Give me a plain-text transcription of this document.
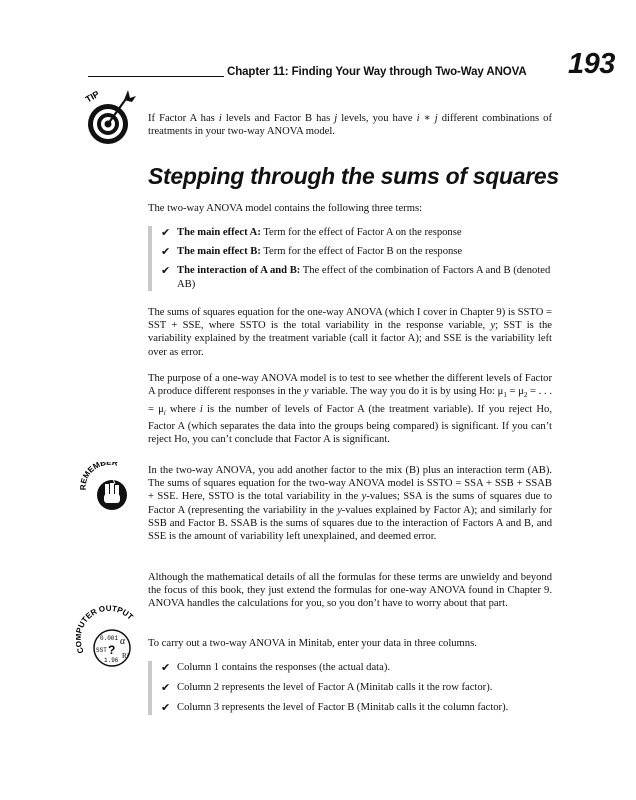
Chapter 11: Finding Your Way through Two-Way ANOVA 193
TIP
If Factor A has i levels and Factor B has j levels, you have i ∗ j different combinations of treatments in your two-way ANOVA model.
Stepping through the sums of squares
The two-way ANOVA model contains the following three terms:
✔ The main effect A: Term for the effect of Factor A on the response
✔ The main effect B: Term for the effect of Factor B on the response
✔ The interaction of A and B: The effect of the combination of Factors A and B (denoted AB)
The sums of squares equation for the one-way ANOVA (which I cover in Chapter 9) is SSTO = SST + SSE, where SSTO is the total variability in the response variable, y; SST is the variability explained by the treatment variable (call it factor A); and SSE is the variability left over as error.
The purpose of a one-way ANOVA model is to test to see whether the different levels of Factor A produce different responses in the y variable. The way you do it is by using Ho: $\mu_1 = \mu_2$ = . . . = $\mu_i$ where i is the number of levels of Factor A (the treatment variable). If you reject Ho, Factor A (which separates the data into the groups being compared) is significant. If you can’t reject Ho, you can’t conclude that Factor A is significant.
EMEMBER
In the two-way ANOVA, you add another factor to the mix (B) plus an interaction term (AB). The sums of squares equation for the two-way ANOVA model is SSTO = SSA + SSB + SSAB + SSE. Here, SSTO is the total variability in the y-values; SSA is the sums of squares due to Factor A (representing the variability in the y-values explained by Factor A); and similarly for SSB and Factor B. SSAB is the sums of squares due to the interaction of Factors A and B, and SSE is the amount of variability left unexplained, and deemed error.
Although the mathematical details of all the formulas for these terms are unwieldy and beyond the focus of this book, they just extend the formulas for one-way ANOVA found in Chapter 9. ANOVA handles the calculations for you, so you don’t have to worry about that part.
C UTER OUTPUT
0.001 α
SST
R²
1.96
?	To carry out a two-way ANOVA in Minitab, enter your data in three columns.
✔ Column 1 contains the responses (the actual data).
✔ Column 2 represents the level of Factor A (Minitab calls it the row factor).
✔ Column 3 represents the level of Factor B (Minitab calls it the column factor).
